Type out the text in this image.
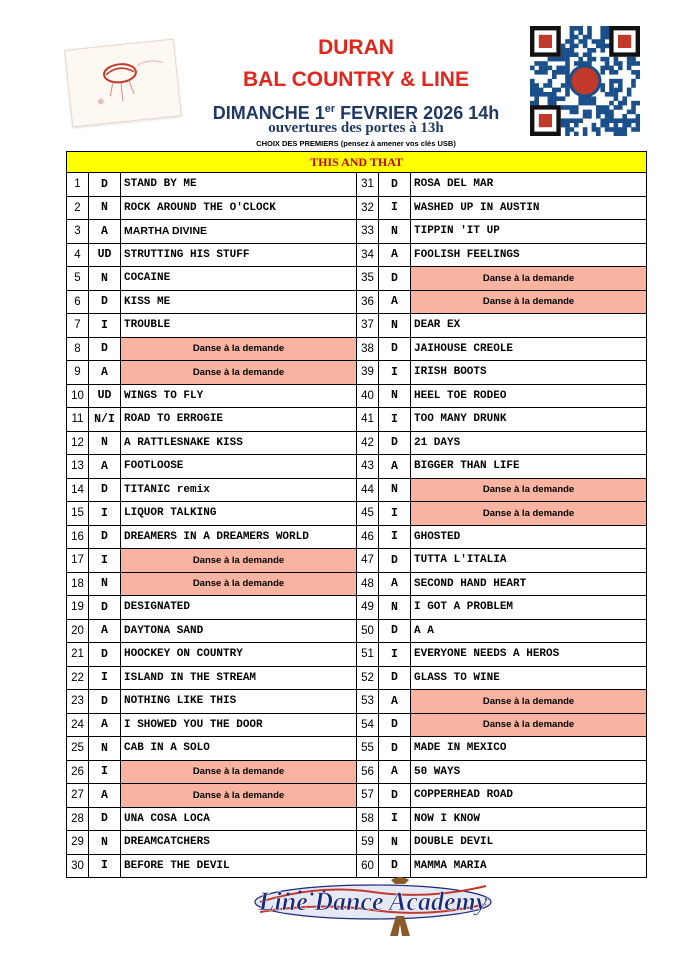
DURAN
BAL COUNTRY & LINE
DIMANCHE 1er FEVRIER 2026 14h
ouvertures des portes à 13h
CHOIX DES PREMIERS (pensez à amener vos clés USB)
THIS AND THAT					
1	D	STAND BY ME	31	D	ROSA DEL MAR
2	N	ROCK AROUND THE O'CLOCK	32	I	WASHED UP IN AUSTIN
3	A	MARTHA DIVINE	33	N	TIPPIN 'IT UP
4	UD	STRUTTING HIS STUFF	34	A	FOOLISH FEELINGS
5	N	COCAINE	35	D	Danse à la demande
6	D	KISS ME	36	A	Danse à la demande
7	I	TROUBLE	37	N	DEAR EX
8	D	Danse à la demande	38	D	JAIHOUSE CREOLE
9	A	Danse à la demande	39	I	IRISH BOOTS
10	UD	WINGS TO FLY	40	N	HEEL TOE RODEO
11	N/I	ROAD TO ERROGIE	41	I	TOO MANY DRUNK
12	N	A RATTLESNAKE KISS	42	D	21 DAYS
13	A	FOOTLOOSE	43	A	BIGGER THAN LIFE
14	D	TITANIC remix	44	N	Danse à la demande
15	I	LIQUOR TALKING	45	I	Danse à la demande
16	D	DREAMERS IN A DREAMERS WORLD	46	I	GHOSTED
17	I	Danse à la demande	47	D	TUTTA L'ITALIA
18	N	Danse à la demande	48	A	SECOND HAND HEART
19	D	DESIGNATED	49	N	I GOT A PROBLEM
20	A	DAYTONA SAND	50	D	A A
21	D	HOOCKEY ON COUNTRY	51	I	EVERYONE NEEDS A HEROS
22	I	ISLAND IN THE STREAM	52	D	GLASS TO WINE
23	D	NOTHING LIKE THIS	53	A	Danse à la demande
24	A	I SHOWED YOU THE DOOR	54	D	Danse à la demande
25	N	CAB IN A SOLO	55	D	MADE IN MEXICO
26	I	Danse à la demande	56	A	50 WAYS
27	A	Danse à la demande	57	D	COPPERHEAD ROAD
28	D	UNA COSA LOCA	58	I	NOW I KNOW
29	N	DREAMCATCHERS	59	N	DOUBLE DEVIL
30	I	BEFORE THE DEVIL	60	D	MAMMA MARIA
Line Dance Academy
